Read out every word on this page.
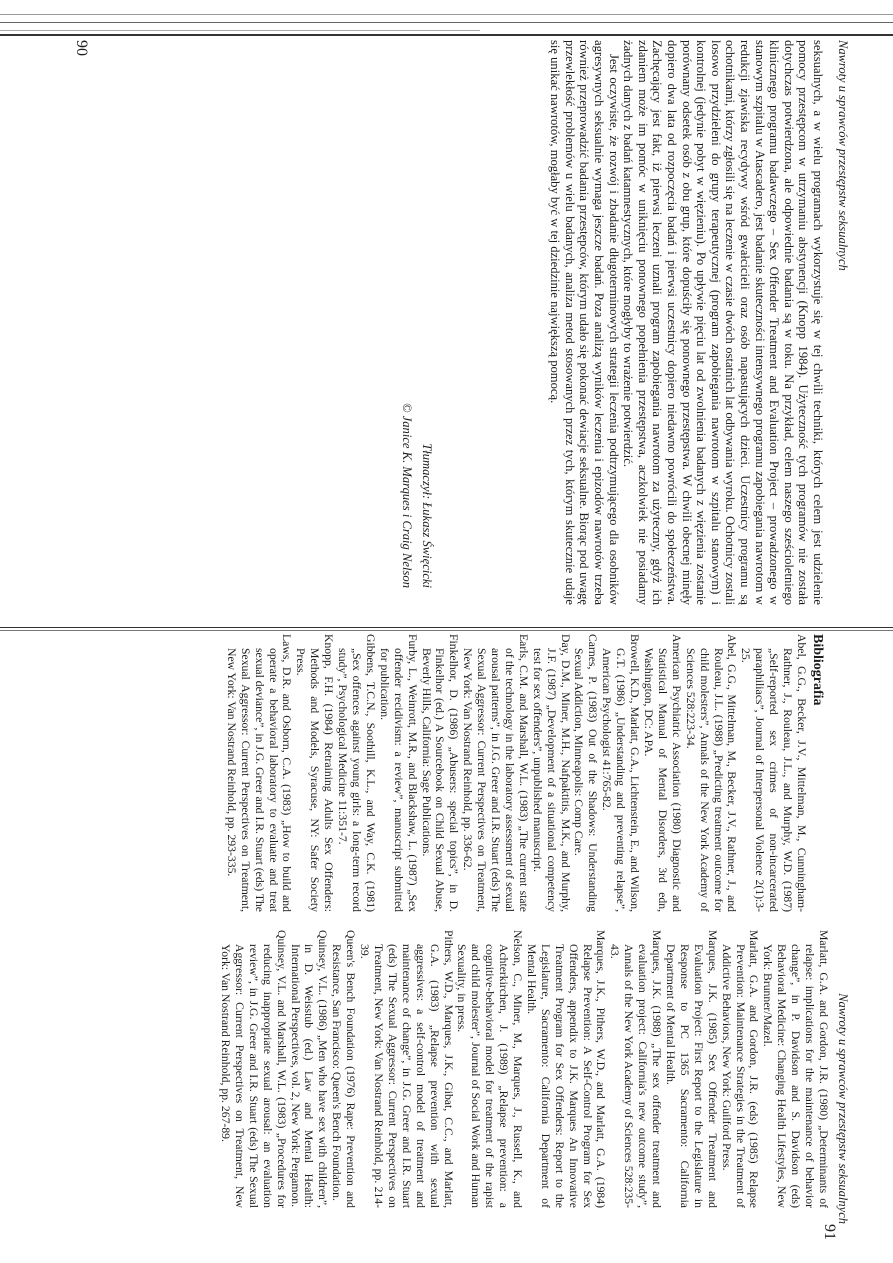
Nawroty u sprawców przestępstw seksualnych

seksualnych, a w wielu programach wykorzystuje się w tej chwili techniki, których celem jest udzielenie pomocy przestępcom w utrzymaniu abstynencji (Knopp 1984). Użyteczność tych programów nie została dotychczas potwierdzona, ale odpowiednie badania są w toku. Na przykład, celem naszego sześcioletniego klinicznego programu badawczego – Sex Offender Treatment and Evaluation Project – prowadzonego w stanowym szpitalu w Atascadero, jest badanie skuteczności intensywnego programu zapobiegania nawrotom w redukcji zjawiska recydywy wśród gwałcicieli oraz osób napastujących dzieci. Uczestnicy programu są ochotnikami, którzy zgłosili się na leczenie w czasie dwóch ostatnich lat odbywania wyroku. Ochotnicy zostali losowo przydzieleni do grupy terapeutycznej (program zapobiegania nawrotom w szpitalu stanowym) i kontrolnej (jedynie pobyt w więzieniu). Po upływie pięciu lat od zwolnienia badanych z więzienia zostanie porównany odsetek osób z obu grup, które dopuściły się ponownego przestępstwa. W chwili obecnej minęły dopiero dwa lata od rozpoczęcia badań i pierwsi uczestnicy dopiero niedawno powrócili do społeczeństwa. Zachęcający jest fakt, iż pierwsi leczeni uznali program zapobiegania nawrotom za użyteczny, gdyż ich zdaniem może im pomóc w uniknięciu ponownego popełnienia przestępstwa, aczkolwiek nie posiadamy żadnych danych z badań katamnestycznych, które mogłyby to wrażenie potwierdzić.

Jest oczywiste, że rozwój i zbadanie długoterminowych strategii leczenia podtrzymującego dla osobników agresywnych seksualnie wymaga jeszcze badań. Poza analizą wyników leczenia i epizodów nawrotów trzeba również przeprowadzić badania przestępców, którym udało się pokonać dewiacje seksualne. Biorąc pod uwagę przewlekłość problemów u wielu badanych, analiza metod stosowanych przez tych, którym skutecznie udaje się unikać nawrotów, mogłaby być w tej dziedzinie największą pomocą.

Tłumaczył: Łukasz Święcicki
© Janice K. Marques i Craig Nelson
90
Nawroty u sprawców przestępstw seksualnych
Bibliografia

Abel, G.G., Becker, J.V., Mittelman, M., Cunningham-Rathner, J., Rouleau, J.L., and Murphy, W.D. (1987) „Self-reported sex crimes of non-incarcerated paraphiliacs”, Journal of Interpersonal Violence 2(1):3-25.

Abel, G.G., Mittelman, M., Becker, J.V., Rathner, J., and Rouleau, J.L. (1988) „Predicting treatment outcome for child molesters”, Annals of the New York Academy of Sciences 528:223-34.

American Psychiatric Association (1980) Diagnostic and Statistical Manual of Mental Disorders, 3rd edn, Washington, DC: APA.

Browell, K.D., Marlatt, G.A., Lichtenstein, E., and Wilson, G.T. (1986) „Understanding and preventing relapse”, American Psychologist 41:765-82.

Carnes, P. (1983) Out of the Shadows: Understanding Sexual Addiction, Minneapolis: Comp Care.

Day, D.M., Miner, M.H., Nafpaktitis, M.K., and Murphy, J.F. (1987) „Development of a situational competency test for sex offenders”, unpublished manuscript.

Earls, C.M. and Marshall, W.L. (1983) „The current state of the technology in the laboratory assessment of sexual arousal patterns”, in J.G. Greer and I.R. Stuart (eds) The Sexual Aggressor: Current Perspectives on Treatment, New York: Van Nostrand Reinhold, pp. 336-62.

Finkelhor, D. (1986) „Abusers: special topics”, in D. Finkelhor (ed.) A Sourcebook on Child Sexual Abuse, Beverly Hills, California: Sage Publications.

Furby, L., Weinrott, M.R., and Blackshaw, L. (1987) „Sex offender recidivism: a review”, manuscript submitted for publication.

Gibbens, T.C.N., Soothill, K.L., and Way, C.K. (1981) „Sex offences against young girls: a long-term record study”, Psychological Medicine 11:351-7.

Knopp, F.H. (1984) Retraining Adults Sex Offenders: Methods and Models, Syracuse, NY: Safer Society Press.

Laws, D.R. and Osborn, C.A. (1983) „How to build and operate a behavioral laboratory to evaluate and treat sexual deviance”, in J.G. Greer and I.R. Stuart (eds) The Sexual Aggressor: Current Perspectives on Treatment, New York: Van Nostrand Reinhold, pp. 293-335.

Marlatt, G.A. and Gordon, J.R. (1980) „Determinants of relapse: implications for the maintenance of behavior change”, in P. Davidson and S. Davidson (eds) Behavioral Medicine: Changing Health Lifestyles, New York: Brunner/Mazel.

Marlatt, G.A. and Gordon, J.R. (eds) (1985) Relapse Prevention: Maintenance Strategies in the Treatment of Addictive Behaviors, New York: Guilford Press.

Marques, J.K. (1985) Sex Offender Treatment and Evaluation Project: First Report to the Legislature in Response to PC 1365 Sacramento: California Department of Mental Health.

Marques, J.K. (1988) „The sex offender treatment and evaluation project: California's new outcome study”, Annals of the New York Academy of Sciences 528:235-43.

Marques, J.K., Pithers, W.D., and Marlatt, G.A. (1984) Relapse Prevention: A Self-Control Program for Sex Offenders, appendix to J.K. Marques An Innovative Treatment Program for Sex Offenders: Report to the Legislature, Sacramento: California Department of Mental Health.

Nelson, C., Miner, M., Marques, J., Russell, K., and Achterkirchen, J. (1989) „Relapse prevention: a cognitive-behavioral model for treatment of the rapist and child molester”, Journal of Social Work and Human Sexuality, in press.

Pithers, W.D., Marques, J.K., Gibat, C.C., and Marlatt, G.A. (1983) „Relapse prevention with sexual aggressives: a self-control model of treatment and maintenance of change”, in J.G. Greer and I.R. Stuart (eds) The Sexual Aggressor: Current Perspectives on Treatment, New York: Van Nostrand Reinhold, pp. 214-39.

Queen's Bench Foundation (1976) Rape: Prevention and Resistance, San Francisco: Queen's Bench Foundation.

Quinsey, V.L. (1986) „Men who have sex with children”, in D. Weisstub (ed.) Law and Mental Health: International Perspectives, vol. 2, New York: Pergamon.

Quinsey, V.L. and Marshall, W.L. (1983) „Procedures for reducing inappropriate sexual arousal: an evaluation review”, in J.G. Greer and I.R. Stuart (eds) The Sexual Aggressor: Current Perspectives on Treatment, New York: Van Nostrand Reinhold, pp. 267-89.

91
